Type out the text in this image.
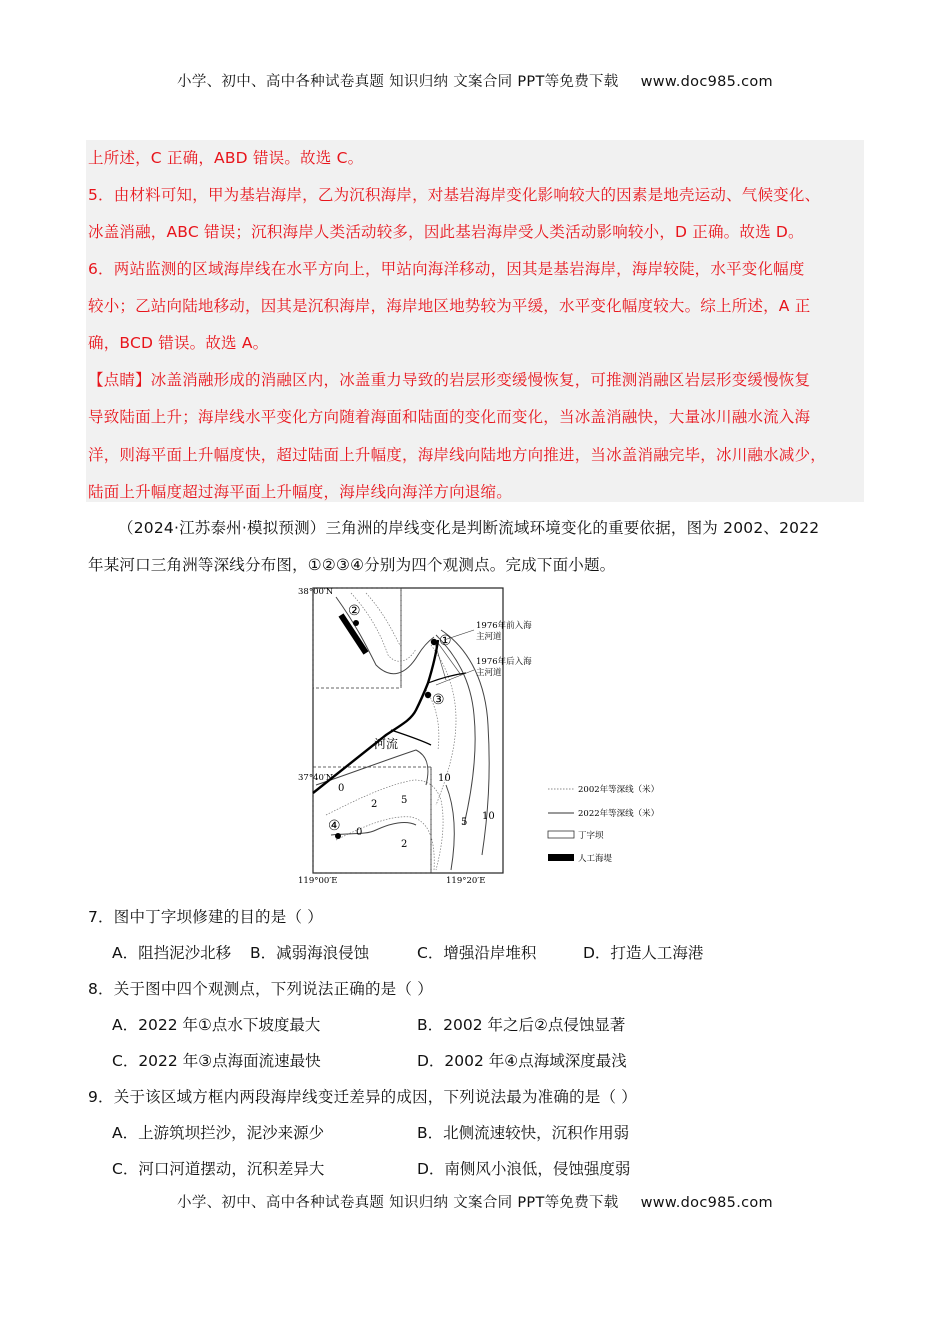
小学、初中、高中各种试卷真题 知识归纳 文案合同 PPT等免费下载 www.doc985.com
上所述，C 正确，ABD 错误。故选 C。
5．由材料可知，甲为基岩海岸，乙为沉积海岸，对基岩海岸变化影响较大的因素是地壳运动、气候变化、
冰盖消融，ABC 错误；沉积海岸人类活动较多，因此基岩海岸受人类活动影响较小，D 正确。故选 D。
6．两站监测的区域海岸线在水平方向上，甲站向海洋移动，因其是基岩海岸，海岸较陡，水平变化幅度
较小；乙站向陆地移动，因其是沉积海岸，海岸地区地势较为平缓，水平变化幅度较大。综上所述，A 正
确，BCD 错误。故选 A。
【点睛】冰盖消融形成的消融区内，冰盖重力导致的岩层形变缓慢恢复，可推测消融区岩层形变缓慢恢复
导致陆面上升；海岸线水平变化方向随着海面和陆面的变化而变化，当冰盖消融快，大量冰川融水流入海
洋，则海平面上升幅度快，超过陆面上升幅度，海岸线向陆地方向推进，当冰盖消融完毕，冰川融水减少，
陆面上升幅度超过海平面上升幅度，海岸线向海洋方向退缩。
（2024·江苏泰州·模拟预测）三角洲的岸线变化是判断流域环境变化的重要依据，图为 2002、2022
年某河口三角洲等深线分布图，①②③④分别为四个观测点。完成下面小题。
①
②
③
④
1976年前入海
主河道
1976年后入海
主河道
河流
0
2 5
10
0
2
5
10
38°00′N
37°40′N
119°00′E	119°20′E
2002年等深线（米）
2022年等深线（米）
丁字坝
人工海堤
7．图中丁字坝修建的目的是（ ）
A．阻挡泥沙北移 B．减弱海浪侵蚀	C．增强沿岸堆积	D．打造人工海港
8．关于图中四个观测点，下列说法正确的是（ ）
A．2022 年①点水下坡度最大	B．2002 年之后②点侵蚀显著
C．2022 年③点海面流速最快	D．2002 年④点海域深度最浅
9．关于该区域方框内两段海岸线变迁差异的成因，下列说法最为准确的是（ ）
A．上游筑坝拦沙，泥沙来源少	B．北侧流速较快，沉积作用弱
C．河口河道摆动，沉积差异大	D．南侧风小浪低，侵蚀强度弱
小学、初中、高中各种试卷真题 知识归纳 文案合同 PPT等免费下载 www.doc985.com
